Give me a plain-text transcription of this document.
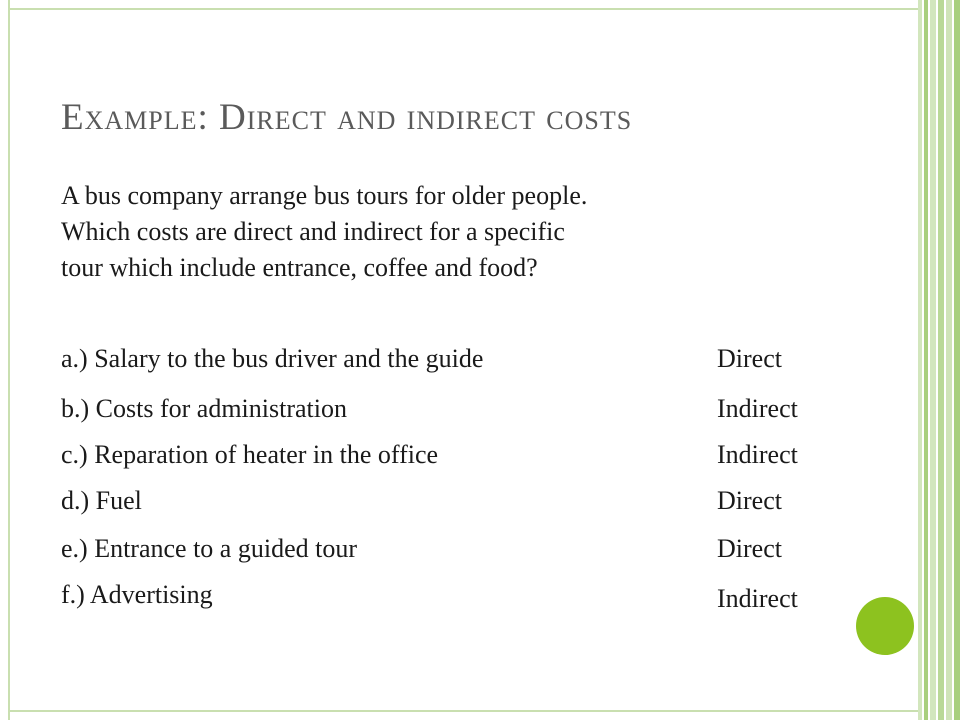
Example: Direct and indirect costs
A bus company arrange bus tours for older people.
Which costs are direct and indirect for a specific
tour which include entrance, coffee and food?
a.) Salary to the bus driver and the guide	Direct
b.) Costs for administration	Indirect
c.) Reparation of heater in the office	Indirect
d.) Fuel	Direct
e.) Entrance to a guided tour	Direct
f.) Advertising	Indirect
